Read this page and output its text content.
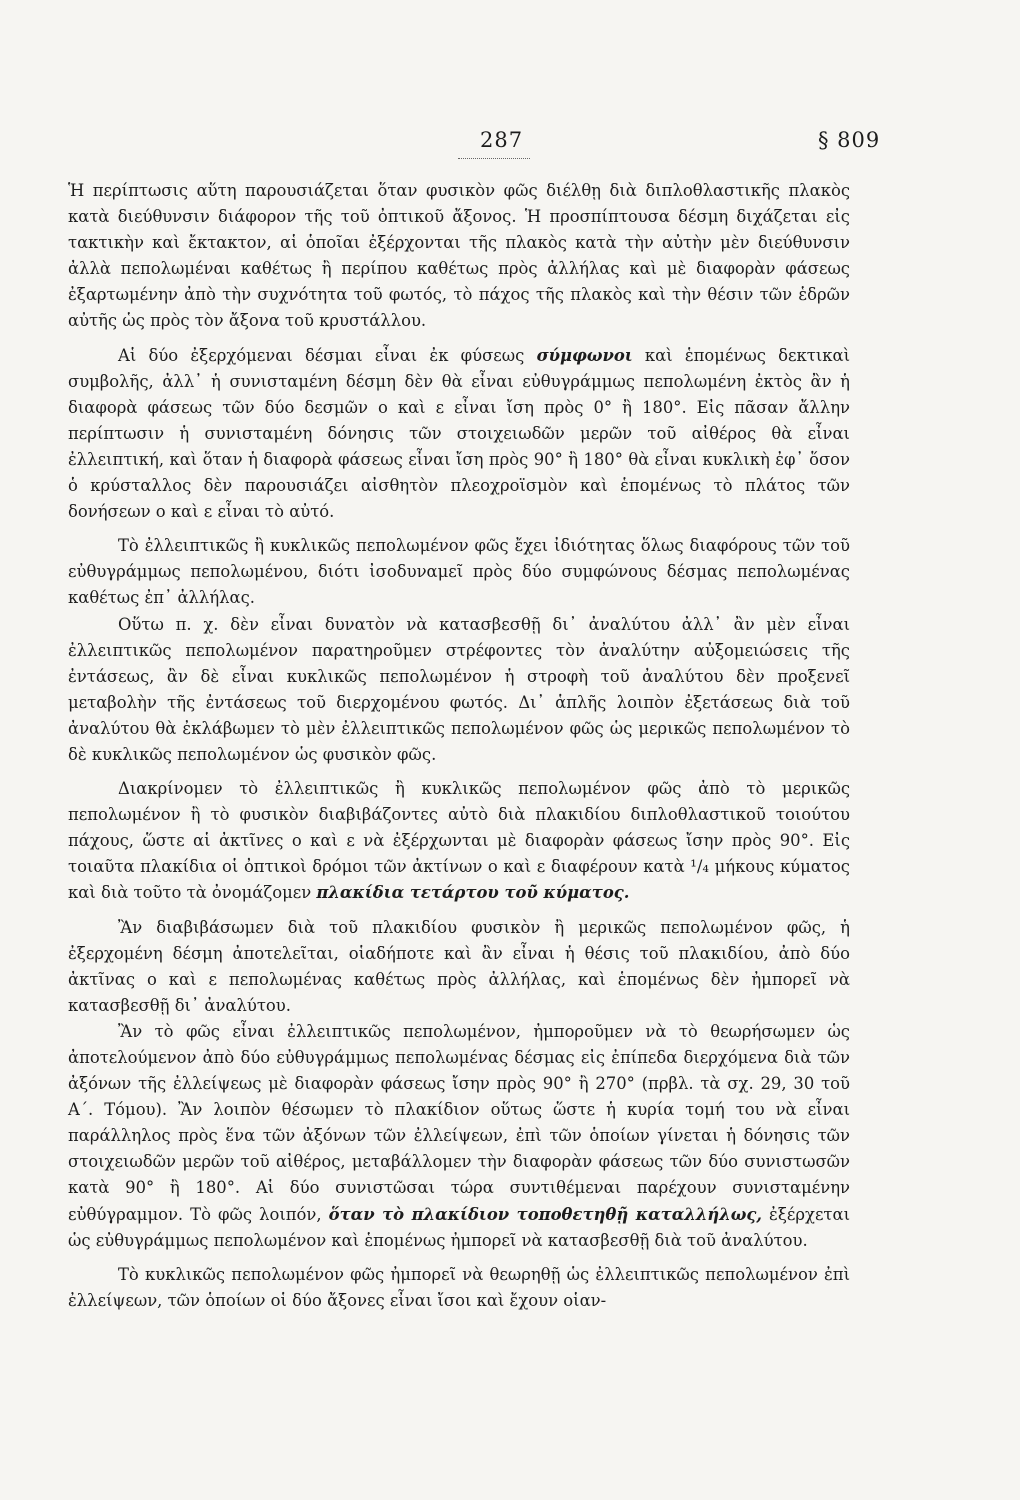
287	§ 809

Ἡ περίπτωσις αὕτη παρουσιάζεται ὅταν φυσικὸν φῶς διέλθῃ διὰ διπλοθλαστικῆς πλακὸς κατὰ διεύθυνσιν διάφορον τῆς τοῦ ὀπτικοῦ ἄξονος. Ἡ προσπίπτουσα δέσμη διχάζεται εἰς τακτικὴν καὶ ἔκτακτον, αἱ ὁποῖαι ἐξέρχονται τῆς πλακὸς κατὰ τὴν αὐτὴν μὲν διεύθυνσιν ἀλλὰ πεπολωμέναι καθέτως ἢ περίπου καθέτως πρὸς ἀλλήλας καὶ μὲ διαφορὰν φάσεως ἐξαρτωμένην ἀπὸ τὴν συχνότητα τοῦ φωτός, τὸ πάχος τῆς πλακὸς καὶ τὴν θέσιν τῶν ἑδρῶν αὐτῆς ὡς πρὸς τὸν ἄξονα τοῦ κρυστάλλου.

Αἱ δύο ἐξερχόμεναι δέσμαι εἶναι ἐκ φύσεως σύμφωνοι καὶ ἑπομένως δεκτικαὶ συμβολῆς, ἀλλ᾽ ἡ συνισταμένη δέσμη δὲν θὰ εἶναι εὐθυγράμμως πεπολωμένη ἐκτὸς ἂν ἡ διαφορὰ φάσεως τῶν δύο δεσμῶν ο καὶ ε εἶναι ἴση πρὸς 0° ἢ 180°. Εἰς πᾶσαν ἄλλην περίπτωσιν ἡ συνισταμένη δόνησις τῶν στοιχειωδῶν μερῶν τοῦ αἰθέρος θὰ εἶναι ἐλλειπτική, καὶ ὅταν ἡ διαφορὰ φάσεως εἶναι ἴση πρὸς 90° ἢ 180° θὰ εἶναι κυκλικὴ ἐφ᾽ ὅσον ὁ κρύσταλλος δὲν παρουσιάζει αἰσθητὸν πλεοχροϊσμὸν καὶ ἑπομένως τὸ πλάτος τῶν δονήσεων ο καὶ ε εἶναι τὸ αὐτό.

Τὸ ἐλλειπτικῶς ἢ κυκλικῶς πεπολωμένον φῶς ἔχει ἰδιότητας ὅλως διαφόρους τῶν τοῦ εὐθυγράμμως πεπολωμένου, διότι ἰσοδυναμεῖ πρὸς δύο συμφώνους δέσμας πεπολωμένας καθέτως ἐπ᾽ ἀλλήλας.

Οὕτω π. χ. δὲν εἶναι δυνατὸν νὰ κατασβεσθῇ δι᾽ ἀναλύτου ἀλλ᾽ ἂν μὲν εἶναι ἐλλειπτικῶς πεπολωμένον παρατηροῦμεν στρέφοντες τὸν ἀναλύτην αὐξομειώσεις τῆς ἐντάσεως, ἂν δὲ εἶναι κυκλικῶς πεπολωμένον ἡ στροφὴ τοῦ ἀναλύτου δὲν προξενεῖ μεταβολὴν τῆς ἐντάσεως τοῦ διερχομένου φωτός. Δι᾽ ἁπλῆς λοιπὸν ἐξετάσεως διὰ τοῦ ἀναλύτου θὰ ἐκλάβωμεν τὸ μὲν ἐλλειπτικῶς πεπολωμένον φῶς ὡς μερικῶς πεπολωμένον τὸ δὲ κυκλικῶς πεπολωμένον ὡς φυσικὸν φῶς.

Διακρίνομεν τὸ ἐλλειπτικῶς ἢ κυκλικῶς πεπολωμένον φῶς ἀπὸ τὸ μερικῶς πεπολωμένον ἢ τὸ φυσικὸν διαβιβάζοντες αὐτὸ διὰ πλακιδίου διπλοθλαστικοῦ τοιούτου πάχους, ὥστε αἱ ἀκτῖνες ο καὶ ε νὰ ἐξέρχωνται μὲ διαφορὰν φάσεως ἴσην πρὸς 90°. Εἰς τοιαῦτα πλακίδια οἱ ὀπτικοὶ δρόμοι τῶν ἀκτίνων ο καὶ ε διαφέρουν κατὰ ¹/₄ μήκους κύματος καὶ διὰ τοῦτο τὰ ὀνομάζομεν πλακίδια τετάρτου τοῦ κύματος.

Ἂν διαβιβάσωμεν διὰ τοῦ πλακιδίου φυσικὸν ἢ μερικῶς πεπολωμένον φῶς, ἡ ἐξερχομένη δέσμη ἀποτελεῖται, οἱαδήποτε καὶ ἂν εἶναι ἡ θέσις τοῦ πλακιδίου, ἀπὸ δύο ἀκτῖνας ο καὶ ε πεπολωμένας καθέτως πρὸς ἀλλήλας, καὶ ἑπομένως δὲν ἠμπορεῖ νὰ κατασβεσθῇ δι᾽ ἀναλύτου.

Ἂν τὸ φῶς εἶναι ἐλλειπτικῶς πεπολωμένον, ἠμποροῦμεν νὰ τὸ θεωρήσωμεν ὡς ἀποτελούμενον ἀπὸ δύο εὐθυγράμμως πεπολωμένας δέσμας εἰς ἐπίπεδα διερχόμενα διὰ τῶν ἀξόνων τῆς ἐλλείψεως μὲ διαφορὰν φάσεως ἴσην πρὸς 90° ἢ 270° (πρβλ. τὰ σχ. 29, 30 τοῦ Α΄. Τόμου). Ἂν λοιπὸν θέσωμεν τὸ πλακίδιον οὕτως ὥστε ἡ κυρία τομή του νὰ εἶναι παράλληλος πρὸς ἕνα τῶν ἀξόνων τῶν ἐλλείψεων, ἐπὶ τῶν ὁποίων γίνεται ἡ δόνησις τῶν στοιχειωδῶν μερῶν τοῦ αἰθέρος, μεταβάλλομεν τὴν διαφορὰν φάσεως τῶν δύο συνιστωσῶν κατὰ 90° ἢ 180°. Αἱ δύο συνιστῶσαι τώρα συντιθέμεναι παρέχουν συνισταμένην εὐθύγραμμον. Τὸ φῶς λοιπόν, ὅταν τὸ πλακίδιον τοποθετηθῇ καταλλήλως, ἐξέρχεται ὡς εὐθυγράμμως πεπολωμένον καὶ ἑπομένως ἠμπορεῖ νὰ κατασβεσθῇ διὰ τοῦ ἀναλύτου.

Τὸ κυκλικῶς πεπολωμένον φῶς ἠμπορεῖ νὰ θεωρηθῇ ὡς ἐλλειπτικῶς πεπολωμένον ἐπὶ ἐλλείψεων, τῶν ὁποίων οἱ δύο ἄξονες εἶναι ἴσοι καὶ ἔχουν οἱαν-
